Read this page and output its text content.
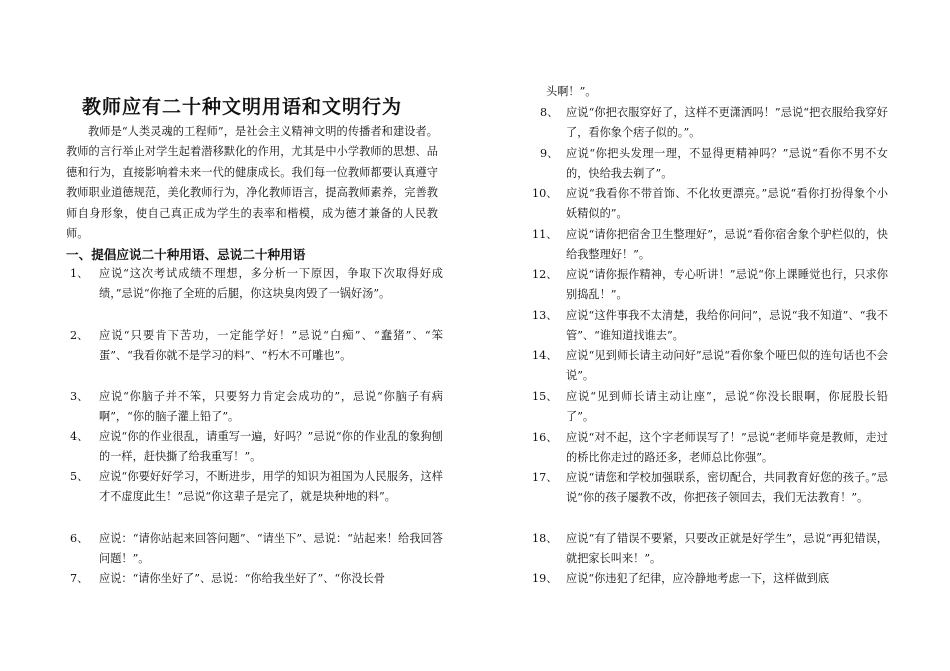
教师应有二十种文明用语和文明行为
教师是“人类灵魂的工程师”，是社会主义精神文明的传播者和建设者。教师的言行举止对学生起着潜移默化的作用，尤其是中小学教师的思想、品德和行为，直接影响着未来一代的健康成长。我们每一位教师都要认真遵守教师职业道德规范，美化教师行为，净化教师语言，提高教师素养，完善教师自身形象，使自己真正成为学生的表率和楷模，成为德才兼备的人民教师。
一、提倡应说二十种用语、忌说二十种用语
1、 应说“这次考试成绩不理想，多分析一下原因，争取下次取得好成绩，”忌说“你拖了全班的后腿，你这块臭肉毁了一锅好汤”。
2、 应说“只要肯下苦功，一定能学好！”忌说“白痴”、“蠢猪”、“笨蛋”、“我看你就不是学习的料”、“朽木不可雕也”。
3、 应说“你脑子并不笨，只要努力肯定会成功的”，忌说“你脑子有病啊”，“你的脑子灌上铅了”。
4、 应说“你的作业很乱，请重写一遍，好吗？”忌说“你的作业乱的象狗刨的一样，赶快撕了给我重写！”。
5、 应说“你要好好学习，不断进步，用学的知识为祖国为人民服务，这样才不虚度此生！”忌说“你这辈子是完了，就是块种地的料”。
6、 应说：“请你站起来回答问题”、“请坐下”、忌说：“站起来！给我回答问题！”。
7、 应说：“请你坐好了”、忌说：“你给我坐好了”、“你没长骨
头啊！”。
8、 应说“你把衣服穿好了，这样不更潇洒吗！”忌说“把衣服给我穿好了，看你象个痞子似的。”。
9、 应说“你把头发理一理，不显得更精神吗？”忌说“看你不男不女的，快给我去剃了”。
10、 应说“我看你不带首饰、不化妆更漂亮。”忌说“看你打扮得象个小妖精似的”。
11、 应说“请你把宿舍卫生整理好”，忌说“看你宿舍象个驴栏似的，快给我整理好！”。
12、 应说“请你振作精神，专心听讲！”忌说“你上课睡觉也行，只求你别捣乱！”。
13、 应说“这件事我不太清楚，我给你问问”，忌说“我不知道”、“我不管”、“谁知道找谁去”。
14、 应说“见到师长请主动问好”忌说“看你象个哑巴似的连句话也不会说”。
15、 应说“见到师长请主动让座”，忌说“你没长眼啊，你屁股长铅了”。
16、 应说“对不起，这个字老师误写了！”忌说“老师毕竟是教师，走过的桥比你走过的路还多，老师总比你强”。
17、 应说“请您和学校加强联系，密切配合，共同教育好您的孩子。”忌说“你的孩子屡教不改，你把孩子领回去，我们无法教育！”。
18、 应说“有了错误不要紧，只要改正就是好学生”，忌说“再犯错误，就把家长叫来！”。
19、 应说“你违犯了纪律，应冷静地考虑一下，这样做到底
